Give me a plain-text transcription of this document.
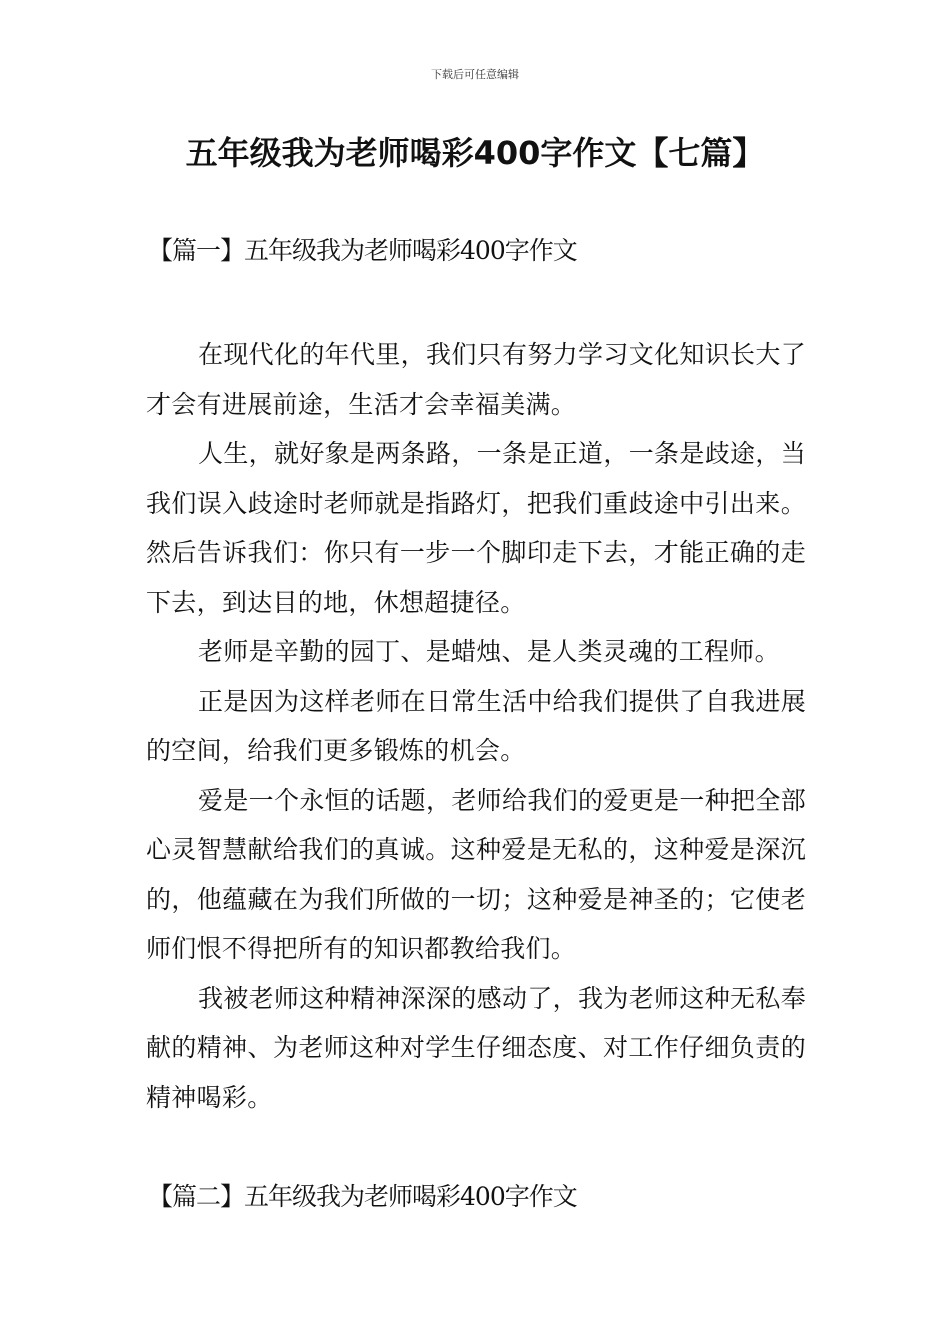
下载后可任意编辑
五年级我为老师喝彩400字作文【七篇】
【篇一】五年级我为老师喝彩400字作文

在现代化的年代里，我们只有努力学习文化知识长大了才会有进展前途，生活才会幸福美满。

人生，就好象是两条路，一条是正道，一条是歧途，当我们误入歧途时老师就是指路灯，把我们重歧途中引出来。然后告诉我们：你只有一步一个脚印走下去，才能正确的走下去，到达目的地，休想超捷径。

老师是辛勤的园丁、是蜡烛、是人类灵魂的工程师。

正是因为这样老师在日常生活中给我们提供了自我进展的空间，给我们更多锻炼的机会。

爱是一个永恒的话题，老师给我们的爱更是一种把全部心灵智慧献给我们的真诚。这种爱是无私的，这种爱是深沉的，他蕴藏在为我们所做的一切；这种爱是神圣的；它使老师们恨不得把所有的知识都教给我们。

我被老师这种精神深深的感动了，我为老师这种无私奉献的精神、为老师这种对学生仔细态度、对工作仔细负责的精神喝彩。

【篇二】五年级我为老师喝彩400字作文
